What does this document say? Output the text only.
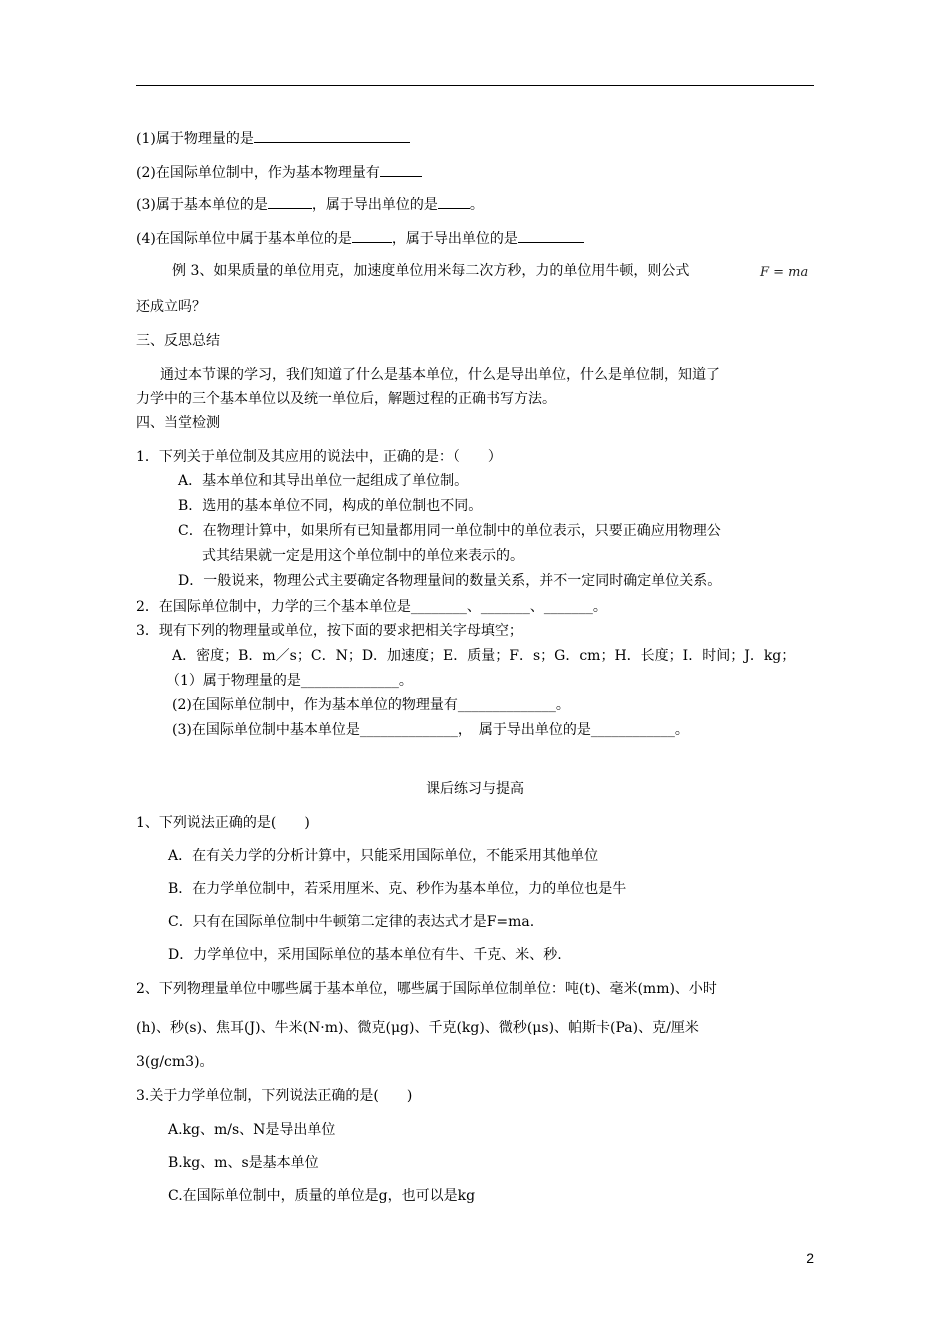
(1)属于物理量的是
(2)在国际单位制中，作为基本物理量有
(3)属于基本单位的是	，属于导出单位的是 。
(4)在国际单位中属于基本单位的是	，属于导出单位的是
例 3、如果质量的单位用克，加速度单位用米每二次方秒，力的单位用牛顿，则公式	F = ma
还成立吗？
三、反思总结
通过本节课的学习，我们知道了什么是基本单位，什么是导出单位，什么是单位制，知道了
力学中的三个基本单位以及统一单位后，解题过程的正确书写方法。
四、当堂检测
1．下列关于单位制及其应用的说法中，正确的是：（　　）
A．基本单位和其导出单位一起组成了单位制。
B．选用的基本单位不同，构成的单位制也不同。
C．在物理计算中，如果所有已知量都用同一单位制中的单位表示，只要正确应用物理公
式其结果就一定是用这个单位制中的单位来表示的。
D．一般说来，物理公式主要确定各物理量间的数量关系，并不一定同时确定单位关系。
2．在国际单位制中，力学的三个基本单位是________、_______、_______。
3．现有下列的物理量或单位，按下面的要求把相关字母填空；
A．密度；B．m／s；C．N；D．加速度；E．质量；F．s；G．cm；H．长度；I．时间；J．kg；
（1）属于物理量的是______________。
(2)在国际单位制中，作为基本单位的物理量有______________。
(3)在国际单位制中基本单位是______________，　属于导出单位的是____________。
课后练习与提高
1、下列说法正确的是(　　)
A．在有关力学的分析计算中，只能采用国际单位，不能采用其他单位
B．在力学单位制中，若采用厘米、克、秒作为基本单位，力的单位也是牛
C．只有在国际单位制中牛顿第二定律的表达式才是F=ma.
D．力学单位中，采用国际单位的基本单位有牛、千克、米、秒.
2、下列物理量单位中哪些属于基本单位，哪些属于国际单位制单位：吨(t)、毫米(mm)、小时
(h)、秒(s)、焦耳(J)、牛米(N·m)、微克(μg)、千克(kg)、微秒(μs)、帕斯卡(Pa)、克/厘米
3(g/cm3)。
3.关于力学单位制，下列说法正确的是(　　)
A.kg、m/s、N是导出单位
B.kg、m、s是基本单位
C.在国际单位制中，质量的单位是g，也可以是kg
2
